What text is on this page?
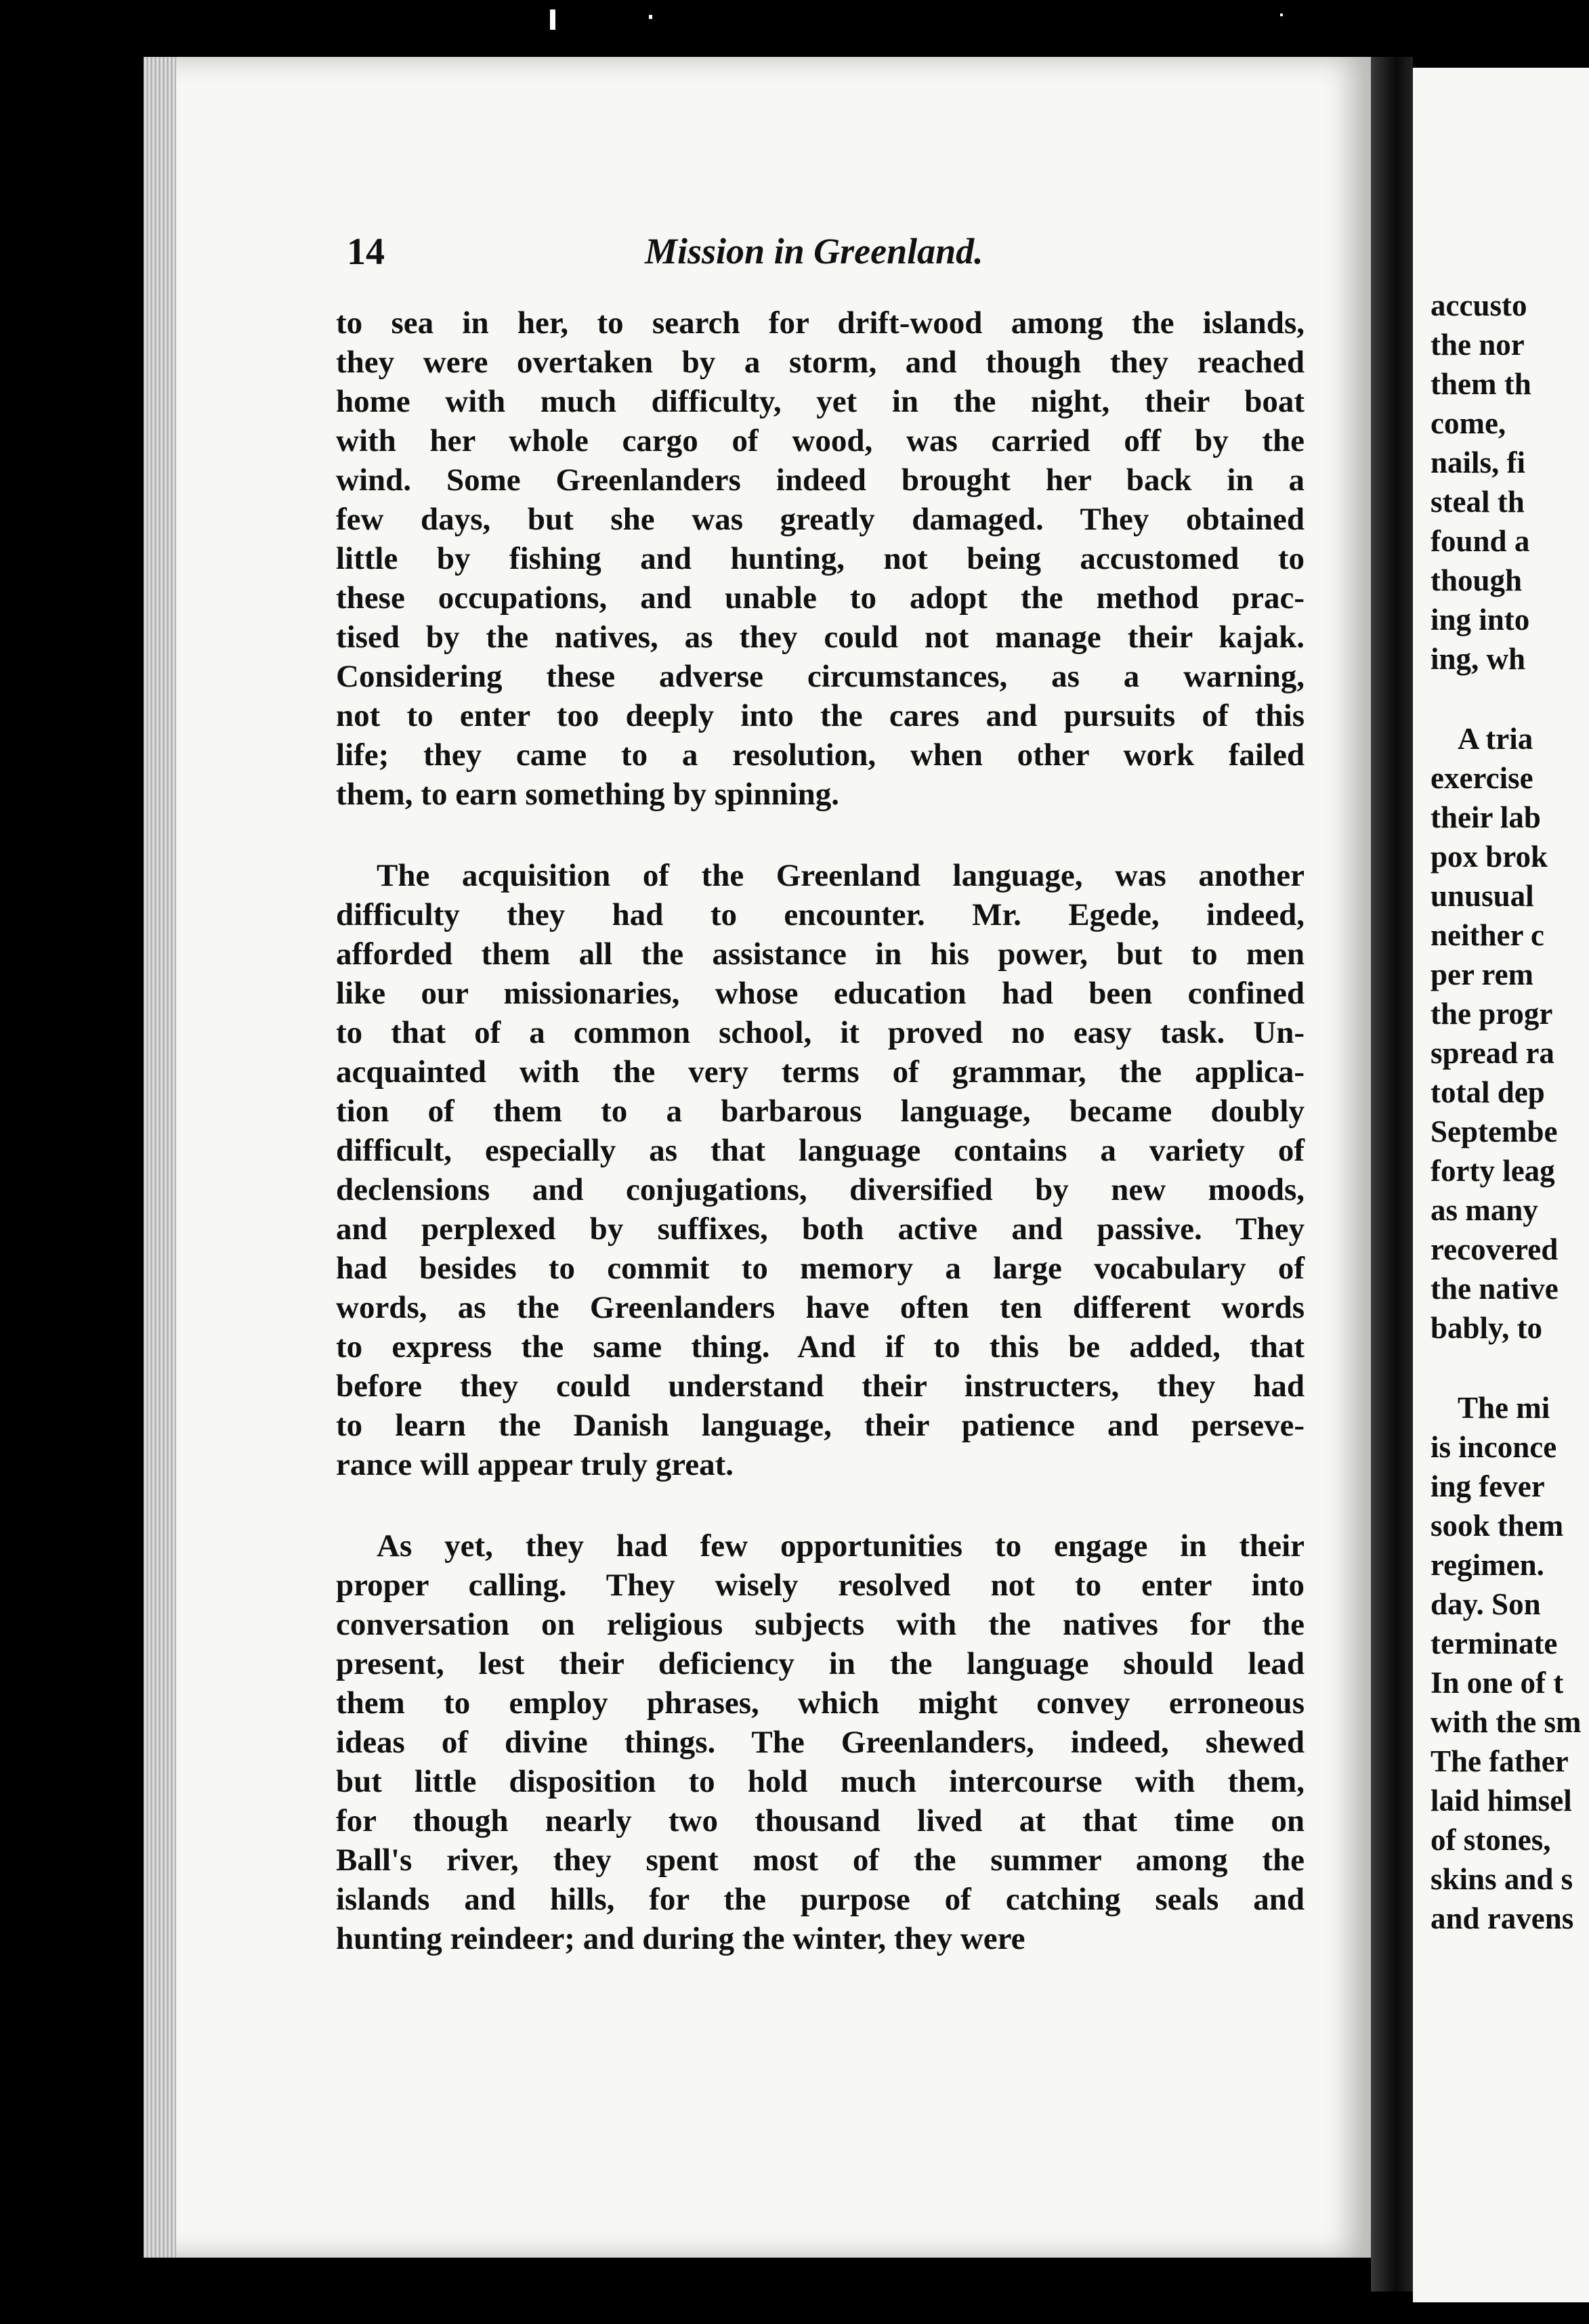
14	Mission in Greenland.
to sea in her, to search for drift-wood among the islands,
they were overtaken by a storm, and though they reached
home with much difficulty, yet in the night, their boat
with her whole cargo of wood, was carried off by the
wind. Some Greenlanders indeed brought her back in a
few days, but she was greatly damaged. They obtained
little by fishing and hunting, not being accustomed to
these occupations, and unable to adopt the method prac-
tised by the natives, as they could not manage their kajak.
Considering these adverse circumstances, as a warning,
not to enter too deeply into the cares and pursuits of this
life; they came to a resolution, when other work failed
them, to earn something by spinning.
The acquisition of the Greenland language, was another
difficulty they had to encounter. Mr. Egede, indeed,
afforded them all the assistance in his power, but to men
like our missionaries, whose education had been confined
to that of a common school, it proved no easy task. Un-
acquainted with the very terms of grammar, the applica-
tion of them to a barbarous language, became doubly
difficult, especially as that language contains a variety of
declensions and conjugations, diversified by new moods,
and perplexed by suffixes, both active and passive. They
had besides to commit to memory a large vocabulary of
words, as the Greenlanders have often ten different words
to express the same thing. And if to this be added, that
before they could understand their instructers, they had
to learn the Danish language, their patience and perseve-
rance will appear truly great.
As yet, they had few opportunities to engage in their
proper calling. They wisely resolved not to enter into
conversation on religious subjects with the natives for the
present, lest their deficiency in the language should lead
them to employ phrases, which might convey erroneous
ideas of divine things. The Greenlanders, indeed, shewed
but little disposition to hold much intercourse with them,
for though nearly two thousand lived at that time on
Ball's river, they spent most of the summer among the
islands and hills, for the purpose of catching seals and
hunting reindeer; and during the winter, they were
accusto
the nor
them th
come,
nails, fi
steal th
found a
though
ing into
ing, wh
A tria
exercise
their lab
pox brok
unusual
neither c
per rem
the progr
spread ra
total dep
Septembe
forty leag
as many
recovered
the native
bably, to
The mi
is inconce
ing fever
sook them
regimen.
day. Son
terminate
In one of t
with the sm
The father
laid himsel
of stones,
skins and s
and ravens
